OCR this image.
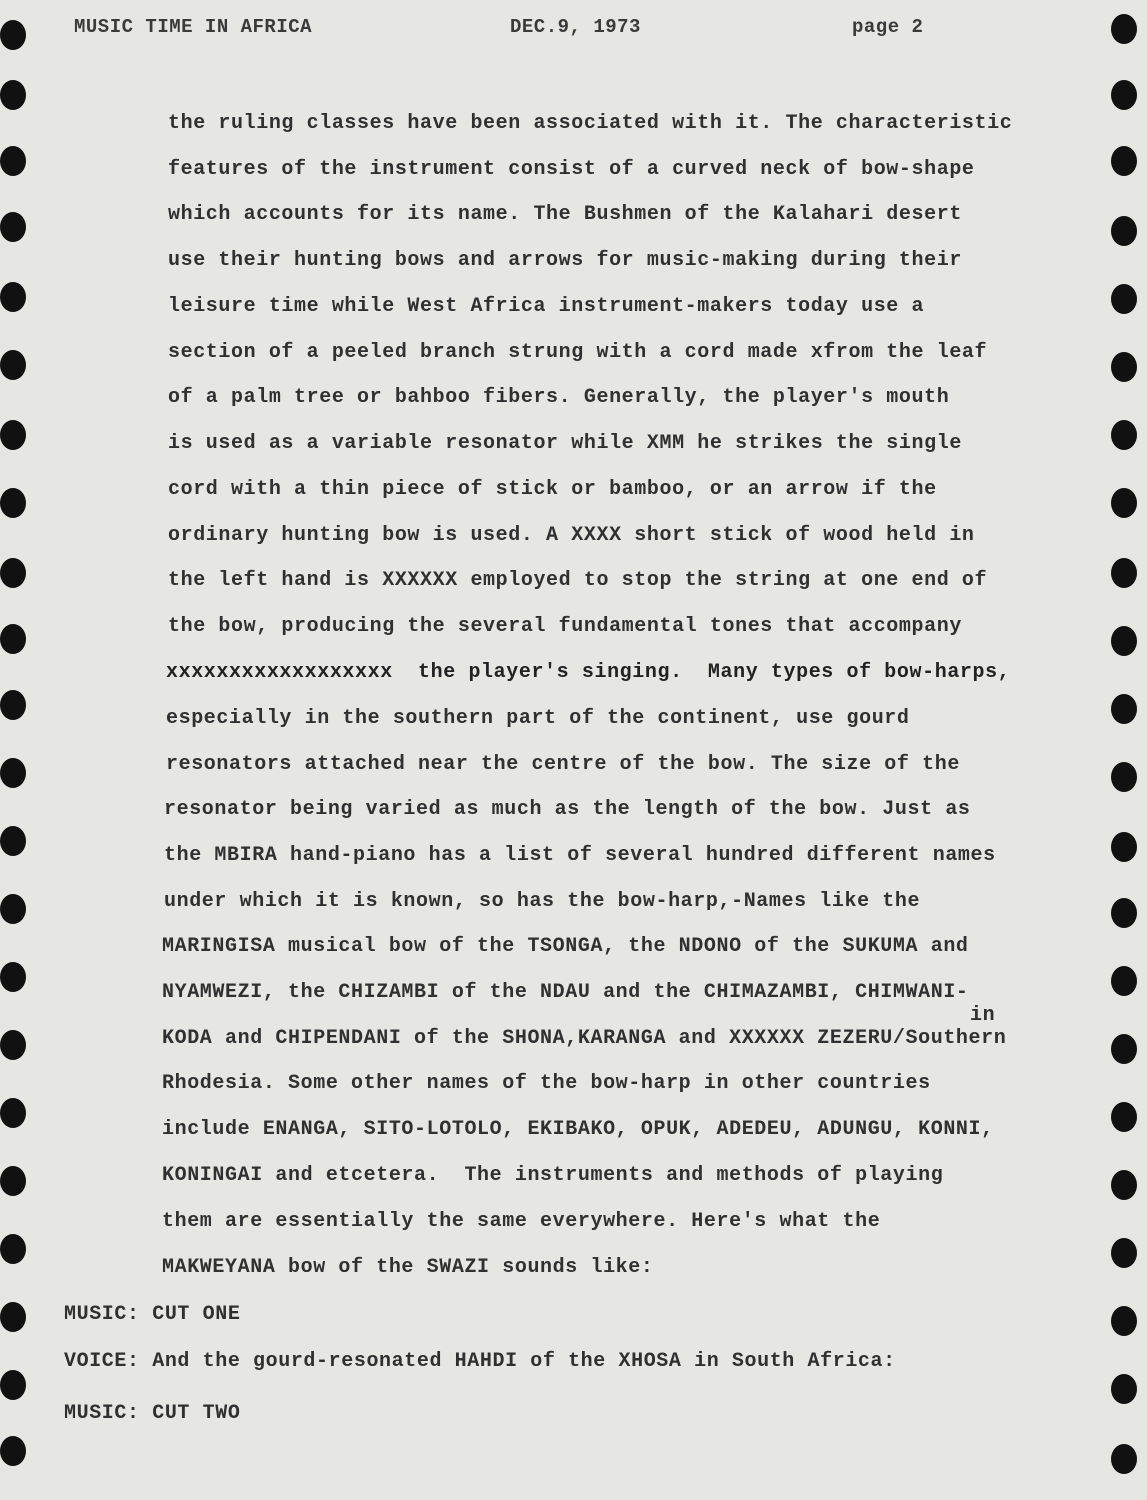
MUSIC TIME IN AFRICA	DEC.9, 1973	page 2
the ruling classes have been associated with it. The characteristic
features of the instrument consist of a curved neck of bow-shape
which accounts for its name. The Bushmen of the Kalahari desert
use their hunting bows and arrows for music-making during their
leisure time while West Africa instrument-makers today use a
section of a peeled branch strung with a cord made xfrom the leaf
of a palm tree or bahboo fibers. Generally, the player's mouth
is used as a variable resonator while XMM he strikes the single
cord with a thin piece of stick or bamboo, or an arrow if the
ordinary hunting bow is used. A XXXX short stick of wood held in
the left hand is XXXXXX employed to stop the string at one end of
the bow, producing the several fundamental tones that accompany
xxxxxxxxxxxxxxxxxx  the player's singing.  Many types of bow-harps,
especially in the southern part of the continent, use gourd
resonators attached near the centre of the bow. The size of the
resonator being varied as much as the length of the bow. Just as
the MBIRA hand-piano has a list of several hundred different names
under which it is known, so has the bow-harp,-Names like the
MARINGISA musical bow of the TSONGA, the NDONO of the SUKUMA and
NYAMWEZI, the CHIZAMBI of the NDAU and the CHIMAZAMBI, CHIMWANI-
in
KODA and CHIPENDANI of the SHONA,KARANGA and XXXXXX ZEZERU/Southern
Rhodesia. Some other names of the bow-harp in other countries
include ENANGA, SITO-LOTOLO, EKIBAKO, OPUK, ADEDEU, ADUNGU, KONNI,
KONINGAI and etcetera.  The instruments and methods of playing
them are essentially the same everywhere. Here's what the
MAKWEYANA bow of the SWAZI sounds like:
MUSIC: CUT ONE
VOICE: And the gourd-resonated HAHDI of the XHOSA in South Africa:
MUSIC: CUT TWO
